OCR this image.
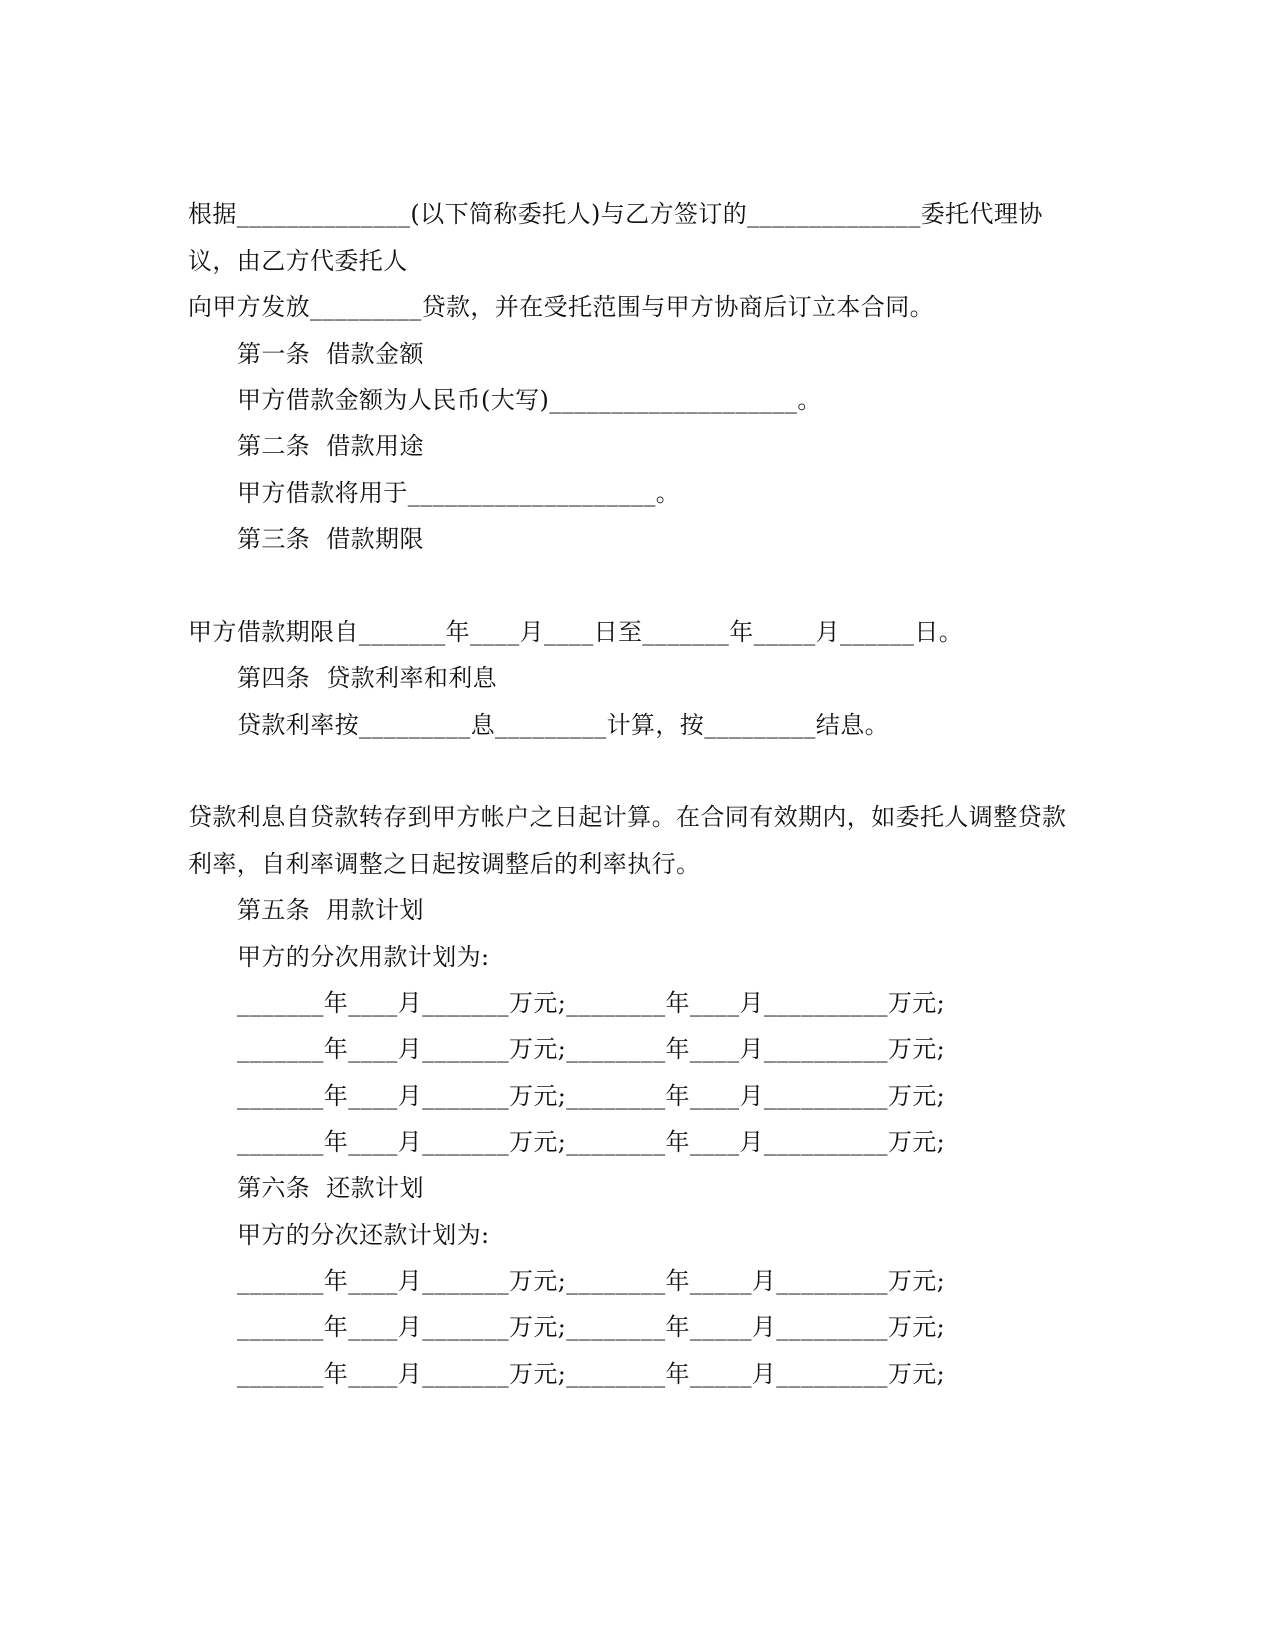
根据______________(以下简称委托人)与乙方签订的______________委托代理协
议，由乙方代委托人
向甲方发放_________贷款，并在受托范围与甲方协商后订立本合同。
第一条  借款金额
甲方借款金额为人民币(大写)____________________。
第二条  借款用途
甲方借款将用于____________________。
第三条  借款期限
甲方借款期限自_______年____月____日至_______年_____月______日。
第四条  贷款利率和利息
贷款利率按_________息_________计算，按_________结息。
贷款利息自贷款转存到甲方帐户之日起计算。在合同有效期内，如委托人调整贷款
利率，自利率调整之日起按调整后的利率执行。
第五条  用款计划
甲方的分次用款计划为:
_______年____月_______万元;________年____月__________万元;
_______年____月_______万元;________年____月__________万元;
_______年____月_______万元;________年____月__________万元;
_______年____月_______万元;________年____月__________万元;
第六条  还款计划
甲方的分次还款计划为:
_______年____月_______万元;________年_____月_________万元;
_______年____月_______万元;________年_____月_________万元;
_______年____月_______万元;________年_____月_________万元;
